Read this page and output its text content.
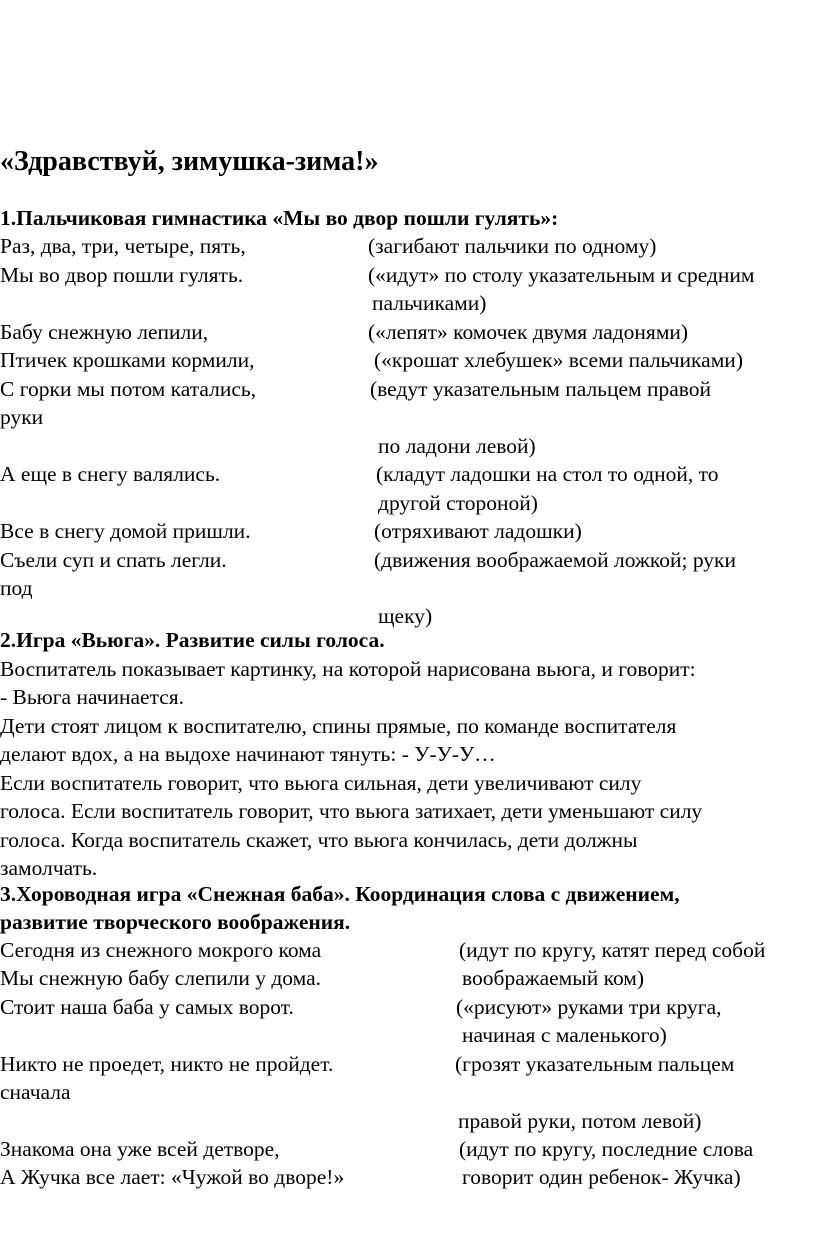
«Здравствуй, зимушка-зима!»
1.Пальчиковая гимнастика «Мы во двор пошли гулять»:
Раз, два, три, четыре, пять,	(загибают пальчики по одному)
Мы во двор пошли гулять.	(«идут» по столу указательным и средним
пальчиками)
Бабу снежную лепили,	(«лепят» комочек двумя ладонями)
Птичек крошками кормили,	(«крошат хлебушек» всеми пальчиками)
С горки мы потом катались,	(ведут указательным пальцем правой
руки
по ладони левой)
А еще в снегу валялись.	(кладут ладошки на стол то одной, то
другой стороной)
Все в снегу домой пришли.	(отряхивают ладошки)
Съели суп и спать легли.	(движения воображаемой ложкой; руки
под
щеку)
2.Игра «Вьюга». Развитие силы голоса.
Воспитатель показывает картинку, на которой нарисована вьюга, и говорит:
- Вьюга начинается.
Дети стоят лицом к воспитателю, спины прямые, по команде воспитателя
делают вдох, а на выдохе начинают тянуть: - У-У-У…
Если воспитатель говорит, что вьюга сильная, дети увеличивают силу
голоса. Если воспитатель говорит, что вьюга затихает, дети уменьшают силу
голоса. Когда воспитатель скажет, что вьюга кончилась, дети должны
замолчать.
3.Хороводная игра «Снежная баба». Координация слова с движением,
развитие творческого воображения.
Сегодня из снежного мокрого кома	(идут по кругу, катят перед собой
Мы снежную бабу слепили у дома.	воображаемый ком)
Стоит наша баба у самых ворот.	(«рисуют» руками три круга,
начиная с маленького)
Никто не проедет, никто не пройдет.	(грозят указательным пальцем
сначала
правой руки, потом левой)
Знакома она уже всей детворе,	(идут по кругу, последние слова
А Жучка все лает: «Чужой во дворе!»	говорит один ребенок- Жучка)
